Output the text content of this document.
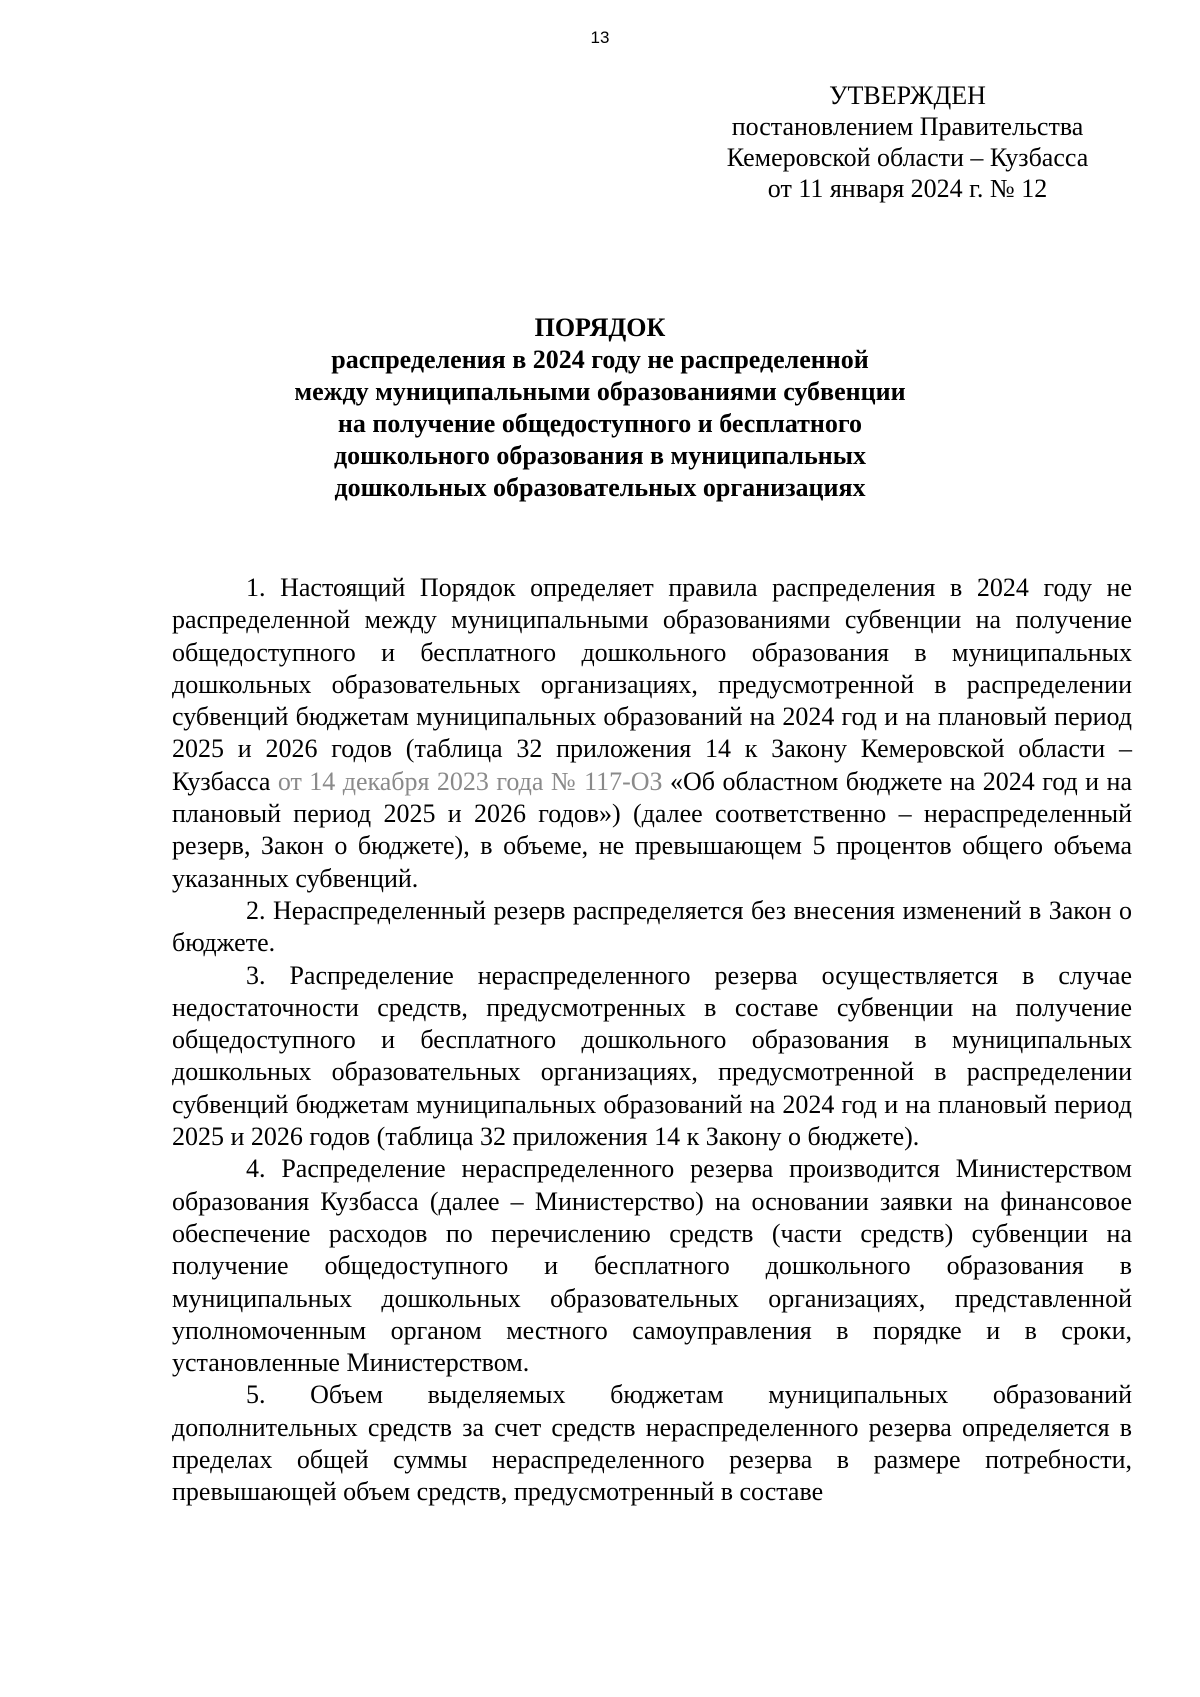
13
УТВЕРЖДЕН
постановлением Правительства
Кемеровской области – Кузбасса
от 11 января 2024 г. № 12
ПОРЯДОК
распределения в 2024 году не распределенной
между муниципальными образованиями субвенции
на получение общедоступного и бесплатного
дошкольного образования в муниципальных
дошкольных образовательных организациях

1. Настоящий Порядок определяет правила распределения в 2024 году не распределенной между муниципальными образованиями субвенции на получение общедоступного и бесплатного дошкольного образования в муниципальных дошкольных образовательных организациях, предусмотренной в распределении субвенций бюджетам муниципальных образований на 2024 год и на плановый период 2025 и 2026 годов (таблица 32 приложения 14 к Закону Кемеровской области – Кузбасса от 14 декабря 2023 года № 117-ОЗ «Об областном бюджете на 2024 год и на плановый период 2025 и 2026 годов») (далее соответственно – нераспределенный резерв, Закон о бюджете), в объеме, не превышающем 5 процентов общего объема указанных субвенций.

2. Нераспределенный резерв распределяется без внесения изменений в Закон о бюджете.

3. Распределение нераспределенного резерва осуществляется в случае недостаточности средств, предусмотренных в составе субвенции на получение общедоступного и бесплатного дошкольного образования в муниципальных дошкольных образовательных организациях, предусмотренной в распределении субвенций бюджетам муниципальных образований на 2024 год и на плановый период 2025 и 2026 годов (таблица 32 приложения 14 к Закону о бюджете).

4. Распределение нераспределенного резерва производится Министерством образования Кузбасса (далее – Министерство) на основании заявки на финансовое обеспечение расходов по перечислению средств (части средств) субвенции на получение общедоступного и бесплатного дошкольного образования в муниципальных дошкольных образовательных организациях, представленной уполномоченным органом местного самоуправления в порядке и в сроки, установленные Министерством.

5. Объем выделяемых бюджетам муниципальных образований дополнительных средств за счет средств нераспределенного резерва определяется в пределах общей суммы нераспределенного резерва в размере потребности, превышающей объем средств, предусмотренный в составе
